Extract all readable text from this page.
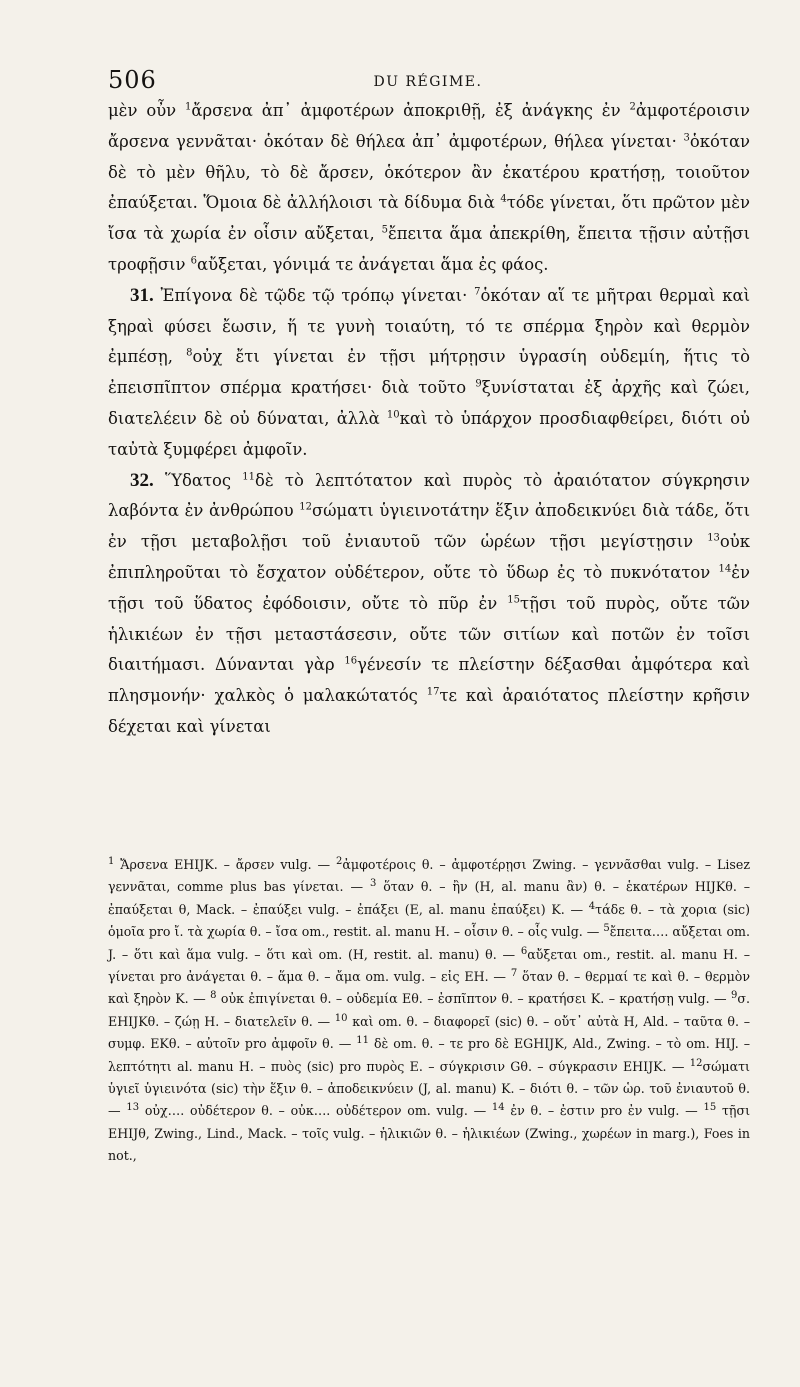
506	DU RÉGIME.

μὲν οὖν $^1$ἄρσενα ἀπ᾽ ἀμφοτέρων ἀποκριθῇ, ἐξ ἀνάγκης ἐν $^2$ἀμφοτέροισιν ἄρσενα γεννᾶται· ὁκόταν δὲ θήλεα ἀπ᾽ ἀμφοτέρων, θήλεα γίνεται· $^3$ὁκόταν δὲ τὸ μὲν θῆλυ, τὸ δὲ ἄρσεν, ὁκότερον ἂν ἑκατέρου κρατήσῃ, τοιοῦτον ἐπαύξεται. Ὅμοια δὲ ἀλλήλοισι τὰ δίδυμα διὰ $^4$τόδε γίνεται, ὅτι πρῶτον μὲν ἴσα τὰ χωρία ἐν οἷσιν αὔξεται, $^5$ἔπειτα ἅμα ἀπεκρίθη, ἔπειτα τῇσιν αὐτῇσι τροφῇσιν $^6$αὔξεται, γόνιμά τε ἀνάγεται ἅμα ἐς φάος.

31. Ἐπίγονα δὲ τῷδε τῷ τρόπῳ γίνεται· $^7$ὁκόταν αἵ τε μῆτραι θερμαὶ καὶ ξηραὶ φύσει ἔωσιν, ἥ τε γυνὴ τοιαύτη, τό τε σπέρμα ξηρὸν καὶ θερμὸν ἐμπέσῃ, $^8$οὐχ ἔτι γίνεται ἐν τῇσι μήτρῃσιν ὑγρασίη οὐδεμίη, ἥτις τὸ ἐπεισπῖπτον σπέρμα κρατήσει· διὰ τοῦτο $^9$ξυνίσταται ἐξ ἀρχῆς καὶ ζώει, διατελέειν δὲ οὐ δύναται, ἀλλὰ $^{10}$καὶ τὸ ὑπάρχον προσδιαφθείρει, διότι οὐ ταὐτὰ ξυμφέρει ἀμφοῖν.

32. Ὕδατος $^{11}$δὲ τὸ λεπτότατον καὶ πυρὸς τὸ ἀραιότατον σύγκρησιν λαβόντα ἐν ἀνθρώπου $^{12}$σώματι ὑγιεινοτάτην ἕξιν ἀποδεικνύει διὰ τάδε, ὅτι ἐν τῇσι μεταβολῇσι τοῦ ἐνιαυτοῦ τῶν ὡρέων τῇσι μεγίστῃσιν $^{13}$οὐκ ἐπιπληροῦται τὸ ἔσχατον οὐδέτερον, οὔτε τὸ ὕδωρ ἐς τὸ πυκνότατον $^{14}$ἐν τῇσι τοῦ ὕδατος ἐφόδοισιν, οὔτε τὸ πῦρ ἐν $^{15}$τῇσι τοῦ πυρὸς, οὔτε τῶν ἡλικιέων ἐν τῇσι μεταστάσεσιν, οὔτε τῶν σιτίων καὶ ποτῶν ἐν τοῖσι διαιτήμασι. Δύνανται γὰρ $^{16}$γένεσίν τε πλείστην δέξασθαι ἀμφότερα καὶ πλησμονήν· χαλκὸς ὁ μαλακώτατός $^{17}$τε καὶ ἀραιότατος πλείστην κρῆσιν δέχεται καὶ γίνεται

$^1$ Ἄρσενα EHIJK. – ἄρσεν vulg. — $^2$ἀμφοτέροις θ. – ἀμφοτέρῃσι Zwing. – γεννᾶσθαι vulg. – Lisez γεννᾶται, comme plus bas γίνεται. — $^3$ ὅταν θ. – ἢν (H, al. manu ἂν) θ. – ἑκατέρων HIJKθ. – ἐπαύξεται θ, Mack. – ἐπαύξει vulg. – ἐπάξει (E, al. manu ἐπαύξει) K. — $^4$τάδε θ. – τὰ χορια (sic) ὁμοῖα pro ἴ. τὰ χωρία θ. – ἴσα om., restit. al. manu H. – οἷσιν θ. – οἷς vulg. — $^5$ἔπειτα…. αὔξεται om. J. – ὅτι καὶ ἅμα vulg. – ὅτι καὶ om. (H, restit. al. manu) θ. — $^6$αὔξεται om., restit. al. manu H. – γίνεται pro ἀνάγεται θ. – ἅμα θ. – ἄμα om. vulg. – εἰς EH. — $^7$ ὅταν θ. – θερμαί τε καὶ θ. – θερμὸν καὶ ξηρὸν K. — $^8$ οὐκ ἐπιγίνεται θ. – οὐδεμία Eθ. – ἐσπῖπτον θ. – κρατήσει K. – κρατήσῃ vulg. — $^9$σ. EHIJKθ. – ζώῃ H. – διατελεῖν θ. — $^{10}$ καὶ om. θ. – διαφορεῖ (sic) θ. – οὔτ᾽ αὐτὰ H, Ald. – ταῦτα θ. – συμφ. EKθ. – αὐτοῖν pro ἀμφοῖν θ. — $^{11}$ δὲ om. θ. – τε pro δὲ EGHIJK, Ald., Zwing. – τὸ om. HIJ. – λεπτότητι al. manu H. – πυὸς (sic) pro πυρὸς E. – σύγκρισιν Gθ. – σύγκρασιν EHIJK. — $^{12}$σώματι ὑγιεῖ ὑγιεινότα (sic) τὴν ἕξιν θ. – ἀποδεικνύειν (J, al. manu) K. – διότι θ. – τῶν ὡρ. τοῦ ἐνιαυτοῦ θ. — $^{13}$ οὐχ…. οὐδέτερον θ. – οὐκ…. οὐδέτερον om. vulg. — $^{14}$ ἐν θ. – ἐστιν pro ἐν vulg. — $^{15}$ τῇσι EHIJθ, Zwing., Lind., Mack. – τοῖς vulg. – ἡλικιῶν θ. – ἡλικιέων (Zwing., χωρέων in marg.), Foes in not.,
